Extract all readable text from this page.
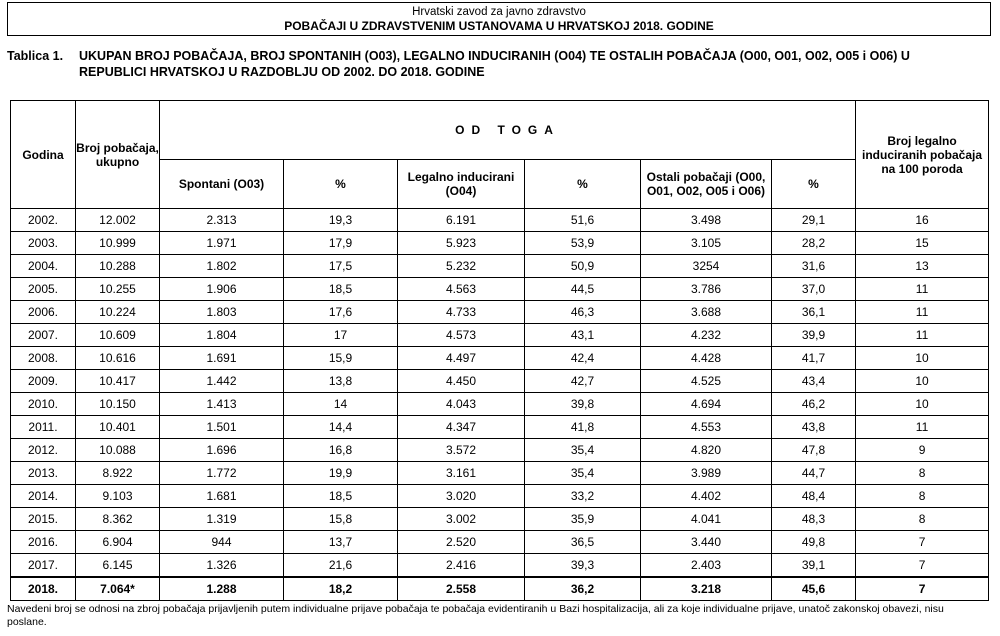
Hrvatski zavod za javno zdravstvo
POBAČAJI U ZDRAVSTVENIM USTANOVAMA U HRVATSKOJ 2018. GODINE
Tablica 1. UKUPAN BROJ POBAČAJA, BROJ SPONTANIH (O03), LEGALNO INDUCIRANIH (O04) TE OSTALIH POBAČAJA (O00, O01, O02, O05 i O06) U REPUBLICI HRVATSKOJ U RAZDOBLJU OD 2002. DO 2018. GODINE
Godina	Broj pobačaja, ukupno	OD TOGA						Broj legalno induciranih pobačaja na 100 poroda
		Spontani (O03)	%	Legalno inducirani (O04)	%	Ostali pobačaji (O00, O01, O02, O05 i O06)	%	
2002.	12.002	2.313	19,3	6.191	51,6	3.498	29,1	16
2003.	10.999	1.971	17,9	5.923	53,9	3.105	28,2	15
2004.	10.288	1.802	17,5	5.232	50,9	3254	31,6	13
2005.	10.255	1.906	18,5	4.563	44,5	3.786	37,0	11
2006.	10.224	1.803	17,6	4.733	46,3	3.688	36,1	11
2007.	10.609	1.804	17	4.573	43,1	4.232	39,9	11
2008.	10.616	1.691	15,9	4.497	42,4	4.428	41,7	10
2009.	10.417	1.442	13,8	4.450	42,7	4.525	43,4	10
2010.	10.150	1.413	14	4.043	39,8	4.694	46,2	10
2011.	10.401	1.501	14,4	4.347	41,8	4.553	43,8	11
2012.	10.088	1.696	16,8	3.572	35,4	4.820	47,8	9
2013.	8.922	1.772	19,9	3.161	35,4	3.989	44,7	8
2014.	9.103	1.681	18,5	3.020	33,2	4.402	48,4	8
2015.	8.362	1.319	15,8	3.002	35,9	4.041	48,3	8
2016.	6.904	944	13,7	2.520	36,5	3.440	49,8	7
2017.	6.145	1.326	21,6	2.416	39,3	2.403	39,1	7
2018.	7.064*	1.288	18,2	2.558	36,2	3.218	45,6	7
Navedeni broj se odnosi na zbroj pobačaja prijavljenih putem individualne prijave pobačaja te pobačaja evidentiranih u Bazi hospitalizacija, ali za koje individualne prijave, unatoč zakonskoj obavezi, nisu poslane.
